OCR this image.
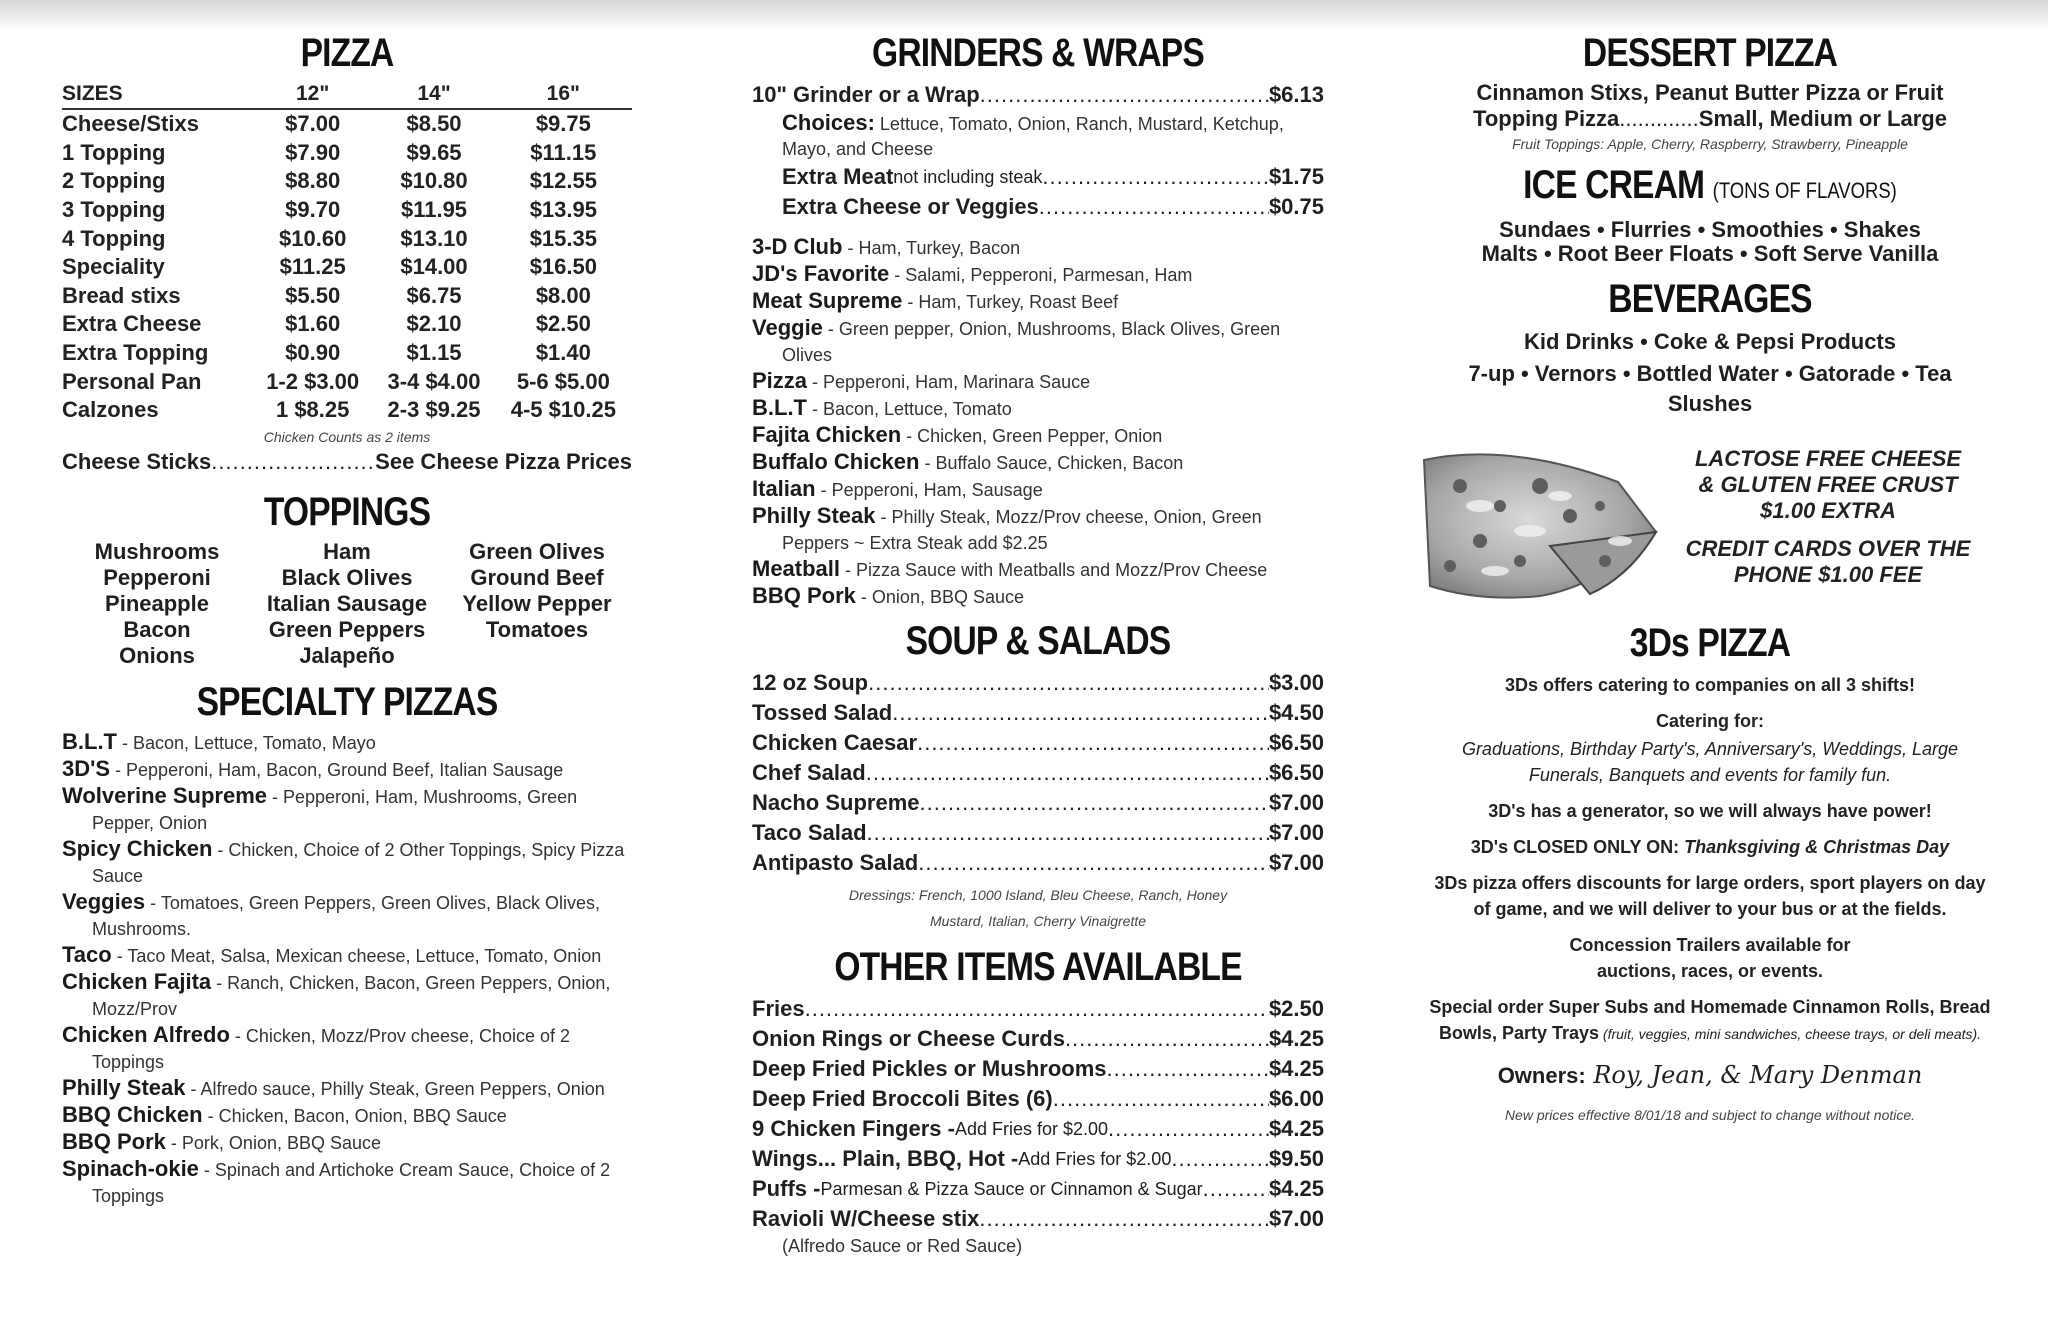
PIZZA
SIZES	12"	14"	16"
Cheese/Stixs	$7.00	$8.50	$9.75
1 Topping	$7.90	$9.65	$11.15
2 Topping	$8.80	$10.80	$12.55
3 Topping	$9.70	$11.95	$13.95
4 Topping	$10.60	$13.10	$15.35
Speciality	$11.25	$14.00	$16.50
Bread stixs	$5.50	$6.75	$8.00
Extra Cheese	$1.60	$2.10	$2.50
Extra Topping	$0.90	$1.15	$1.40
Personal Pan	1-2 $3.00	3-4 $4.00	5-6 $5.00
Calzones	1 $8.25	2-3 $9.25	4-5 $10.25
Chicken Counts as 2 items
Cheese Sticks .....	See Cheese Pizza Prices
TOPPINGS
Mushrooms	Ham	Green Olives
Pepperoni	Black Olives	Ground Beef
Pineapple	Italian Sausage	Yellow Pepper
Bacon	Green Peppers	Tomatoes
Onions	Jalapeño
SPECIALTY PIZZAS
B.L.T - Bacon, Lettuce, Tomato, Mayo
3D'S - Pepperoni, Ham, Bacon, Ground Beef, Italian Sausage
Wolverine Supreme - Pepperoni, Ham, Mushrooms, Green Pepper, Onion
Spicy Chicken - Chicken, Choice of 2 Other Toppings, Spicy Pizza Sauce
Veggies - Tomatoes, Green Peppers, Green Olives, Black Olives, Mushrooms.
Taco - Taco Meat, Salsa, Mexican cheese, Lettuce, Tomato, Onion
Chicken Fajita - Ranch, Chicken, Bacon, Green Peppers, Onion, Mozz/Prov
Chicken Alfredo - Chicken, Mozz/Prov cheese, Choice of 2 Toppings
Philly Steak - Alfredo sauce, Philly Steak, Green Peppers, Onion
BBQ Chicken - Chicken, Bacon, Onion, BBQ Sauce
BBQ Pork - Pork, Onion, BBQ Sauce
Spinach-okie - Spinach and Artichoke Cream Sauce, Choice of 2 Toppings
GRINDERS & WRAPS
10" Grinder or a Wrap .....	$6.13
Choices: Lettuce, Tomato, Onion, Ranch, Mustard, Ketchup, Mayo, and Cheese
Extra Meat not including steak .....	$1.75
Extra Cheese or Veggies .....	$0.75
3-D Club - Ham, Turkey, Bacon
JD's Favorite - Salami, Pepperoni, Parmesan, Ham
Meat Supreme - Ham, Turkey, Roast Beef
Veggie - Green pepper, Onion, Mushrooms, Black Olives, Green Olives
Pizza - Pepperoni, Ham, Marinara Sauce
B.L.T - Bacon, Lettuce, Tomato
Fajita Chicken - Chicken, Green Pepper, Onion
Buffalo Chicken - Buffalo Sauce, Chicken, Bacon
Italian - Pepperoni, Ham, Sausage
Philly Steak - Philly Steak, Mozz/Prov cheese, Onion, Green Peppers ~ Extra Steak add $2.25
Meatball - Pizza Sauce with Meatballs and Mozz/Prov Cheese
BBQ Pork - Onion, BBQ Sauce
SOUP & SALADS
12 oz Soup .....	$3.00
Tossed Salad .....	$4.50
Chicken Caesar .....	$6.50
Chef Salad .....	$6.50
Nacho Supreme .....	$7.00
Taco Salad .....	$7.00
Antipasto Salad .....	$7.00
Dressings: French, 1000 Island, Bleu Cheese, Ranch, Honey Mustard, Italian, Cherry Vinaigrette
OTHER ITEMS AVAILABLE
Fries .....	$2.50
Onion Rings or Cheese Curds .....	$4.25
Deep Fried Pickles or Mushrooms .....	$4.25
Deep Fried Broccoli Bites (6) .....	$6.00
9 Chicken Fingers - Add Fries for $2.00 .....	$4.25
Wings... Plain, BBQ, Hot - Add Fries for $2.00 .....	$9.50
Puffs - Parmesan & Pizza Sauce or Cinnamon & Sugar .....	$4.25
Ravioli W/Cheese stix .....	$7.00
(Alfredo Sauce or Red Sauce)
DESSERT PIZZA
Cinnamon Stixs, Peanut Butter Pizza or Fruit
Topping Pizza.............Small, Medium or Large
Fruit Toppings: Apple, Cherry, Raspberry, Strawberry, Pineapple
ICE CREAM (TONS OF FLAVORS)
Sundaes • Flurries • Smoothies • Shakes
Malts • Root Beer Floats • Soft Serve Vanilla
BEVERAGES
Kid Drinks • Coke & Pepsi Products
7-up • Vernors • Bottled Water • Gatorade • Tea
Slushes
LACTOSE FREE CHEESE
& GLUTEN FREE CRUST
$1.00 EXTRA
CREDIT CARDS OVER THE
PHONE $1.00 FEE
3Ds PIZZA
3Ds offers catering to companies on all 3 shifts!
Catering for:
Graduations, Birthday Party's, Anniversary's, Weddings, Large Funerals, Banquets and events for family fun.
3D's has a generator, so we will always have power!
3D's CLOSED ONLY ON: Thanksgiving & Christmas Day
3Ds pizza offers discounts for large orders, sport players on day of game, and we will deliver to your bus or at the fields.
Concession Trailers available for auctions, races, or events.
Special order Super Subs and Homemade Cinnamon Rolls, Bread Bowls, Party Trays (fruit, veggies, mini sandwiches, cheese trays, or deli meats).
Owners: Roy, Jean, & Mary Denman
New prices effective 8/01/18 and subject to change without notice.
